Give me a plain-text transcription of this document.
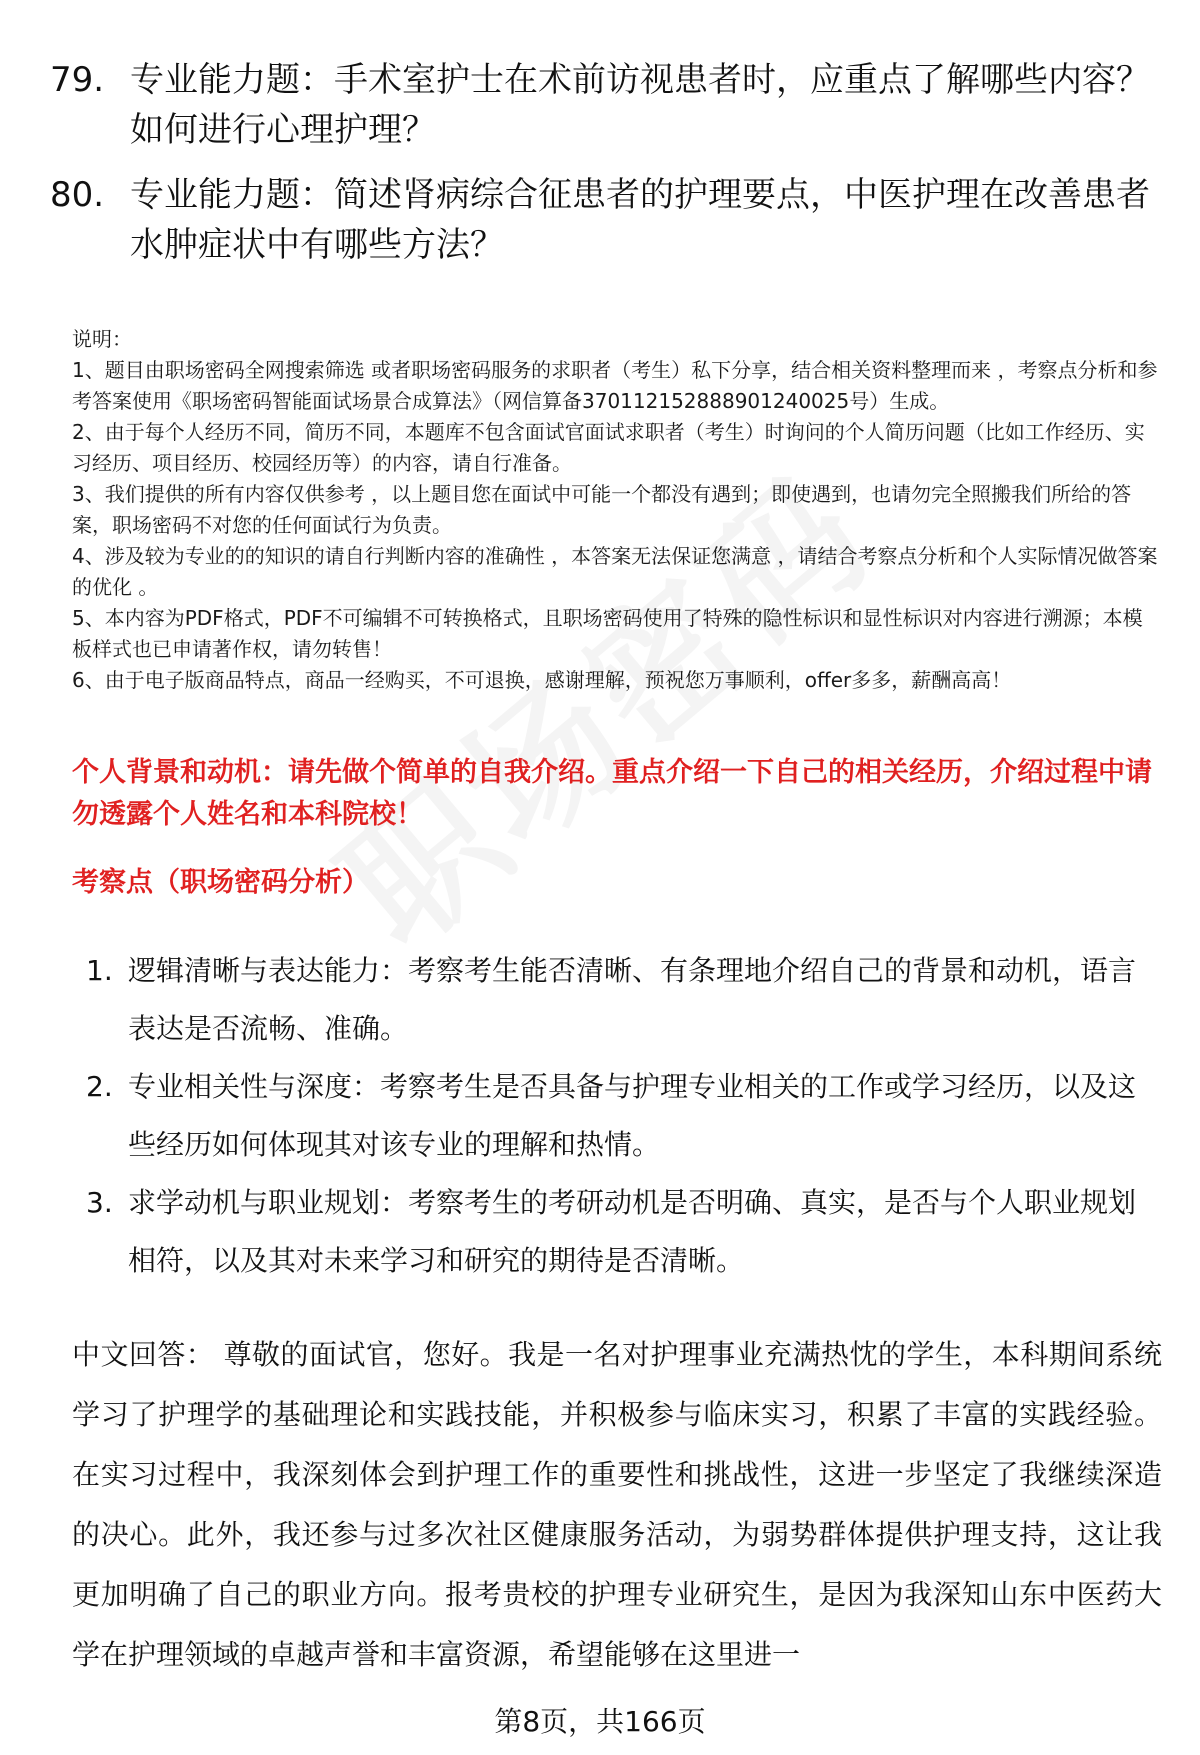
79. 专业能力题：手术室护士在术前访视患者时，应重点了解哪些内容？如何进行心理护理？
80. 专业能力题：简述肾病综合征患者的护理要点，中医护理在改善患者水肿症状中有哪些方法？

说明：

1、题目由职场密码全网搜索筛选 或者职场密码服务的求职者（考生）私下分享，结合相关资料整理而来 ，考察点分析和参考答案使用《职场密码智能面试场景合成算法》（网信算备370112152888901240025号）生成。

2、由于每个人经历不同，简历不同，本题库不包含面试官面试求职者（考生）时询问的个人简历问题（比如工作经历、实习经历、项目经历、校园经历等）的内容，请自行准备。

3、我们提供的所有内容仅供参考 ，以上题目您在面试中可能一个都没有遇到；即使遇到，也请勿完全照搬我们所给的答案，职场密码不对您的任何面试行为负责。

4、涉及较为专业的的知识的请自行判断内容的准确性 ，本答案无法保证您满意 ，请结合考察点分析和个人实际情况做答案的优化 。

5、本内容为PDF格式，PDF不可编辑不可转换格式，且职场密码使用了特殊的隐性标识和显性标识对内容进行溯源；本模板样式也已申请著作权，请勿转售！

6、由于电子版商品特点，商品一经购买，不可退换，感谢理解，预祝您万事顺利，offer多多，薪酬高高！

个人背景和动机：请先做个简单的自我介绍。重点介绍一下自己的相关经历，介绍过程中请勿透露个人姓名和本科院校！
考察点（职场密码分析）
1. 逻辑清晰与表达能力：考察考生能否清晰、有条理地介绍自己的背景和动机，语言表达是否流畅、准确。
2. 专业相关性与深度：考察考生是否具备与护理专业相关的工作或学习经历，以及这些经历如何体现其对该专业的理解和热情。
3. 求学动机与职业规划：考察考生的考研动机是否明确、真实，是否与个人职业规划相符，以及其对未来学习和研究的期待是否清晰。

中文回答： 尊敬的面试官，您好。我是一名对护理事业充满热忱的学生，本科期间系统学习了护理学的基础理论和实践技能，并积极参与临床实习，积累了丰富的实践经验。在实习过程中，我深刻体会到护理工作的重要性和挑战性，这进一步坚定了我继续深造的决心。此外，我还参与过多次社区健康服务活动，为弱势群体提供护理支持，这让我更加明确了自己的职业方向。报考贵校的护理专业研究生，是因为我深知山东中医药大学在护理领域的卓越声誉和丰富资源，希望能够在这里进一

第8页，共166页
